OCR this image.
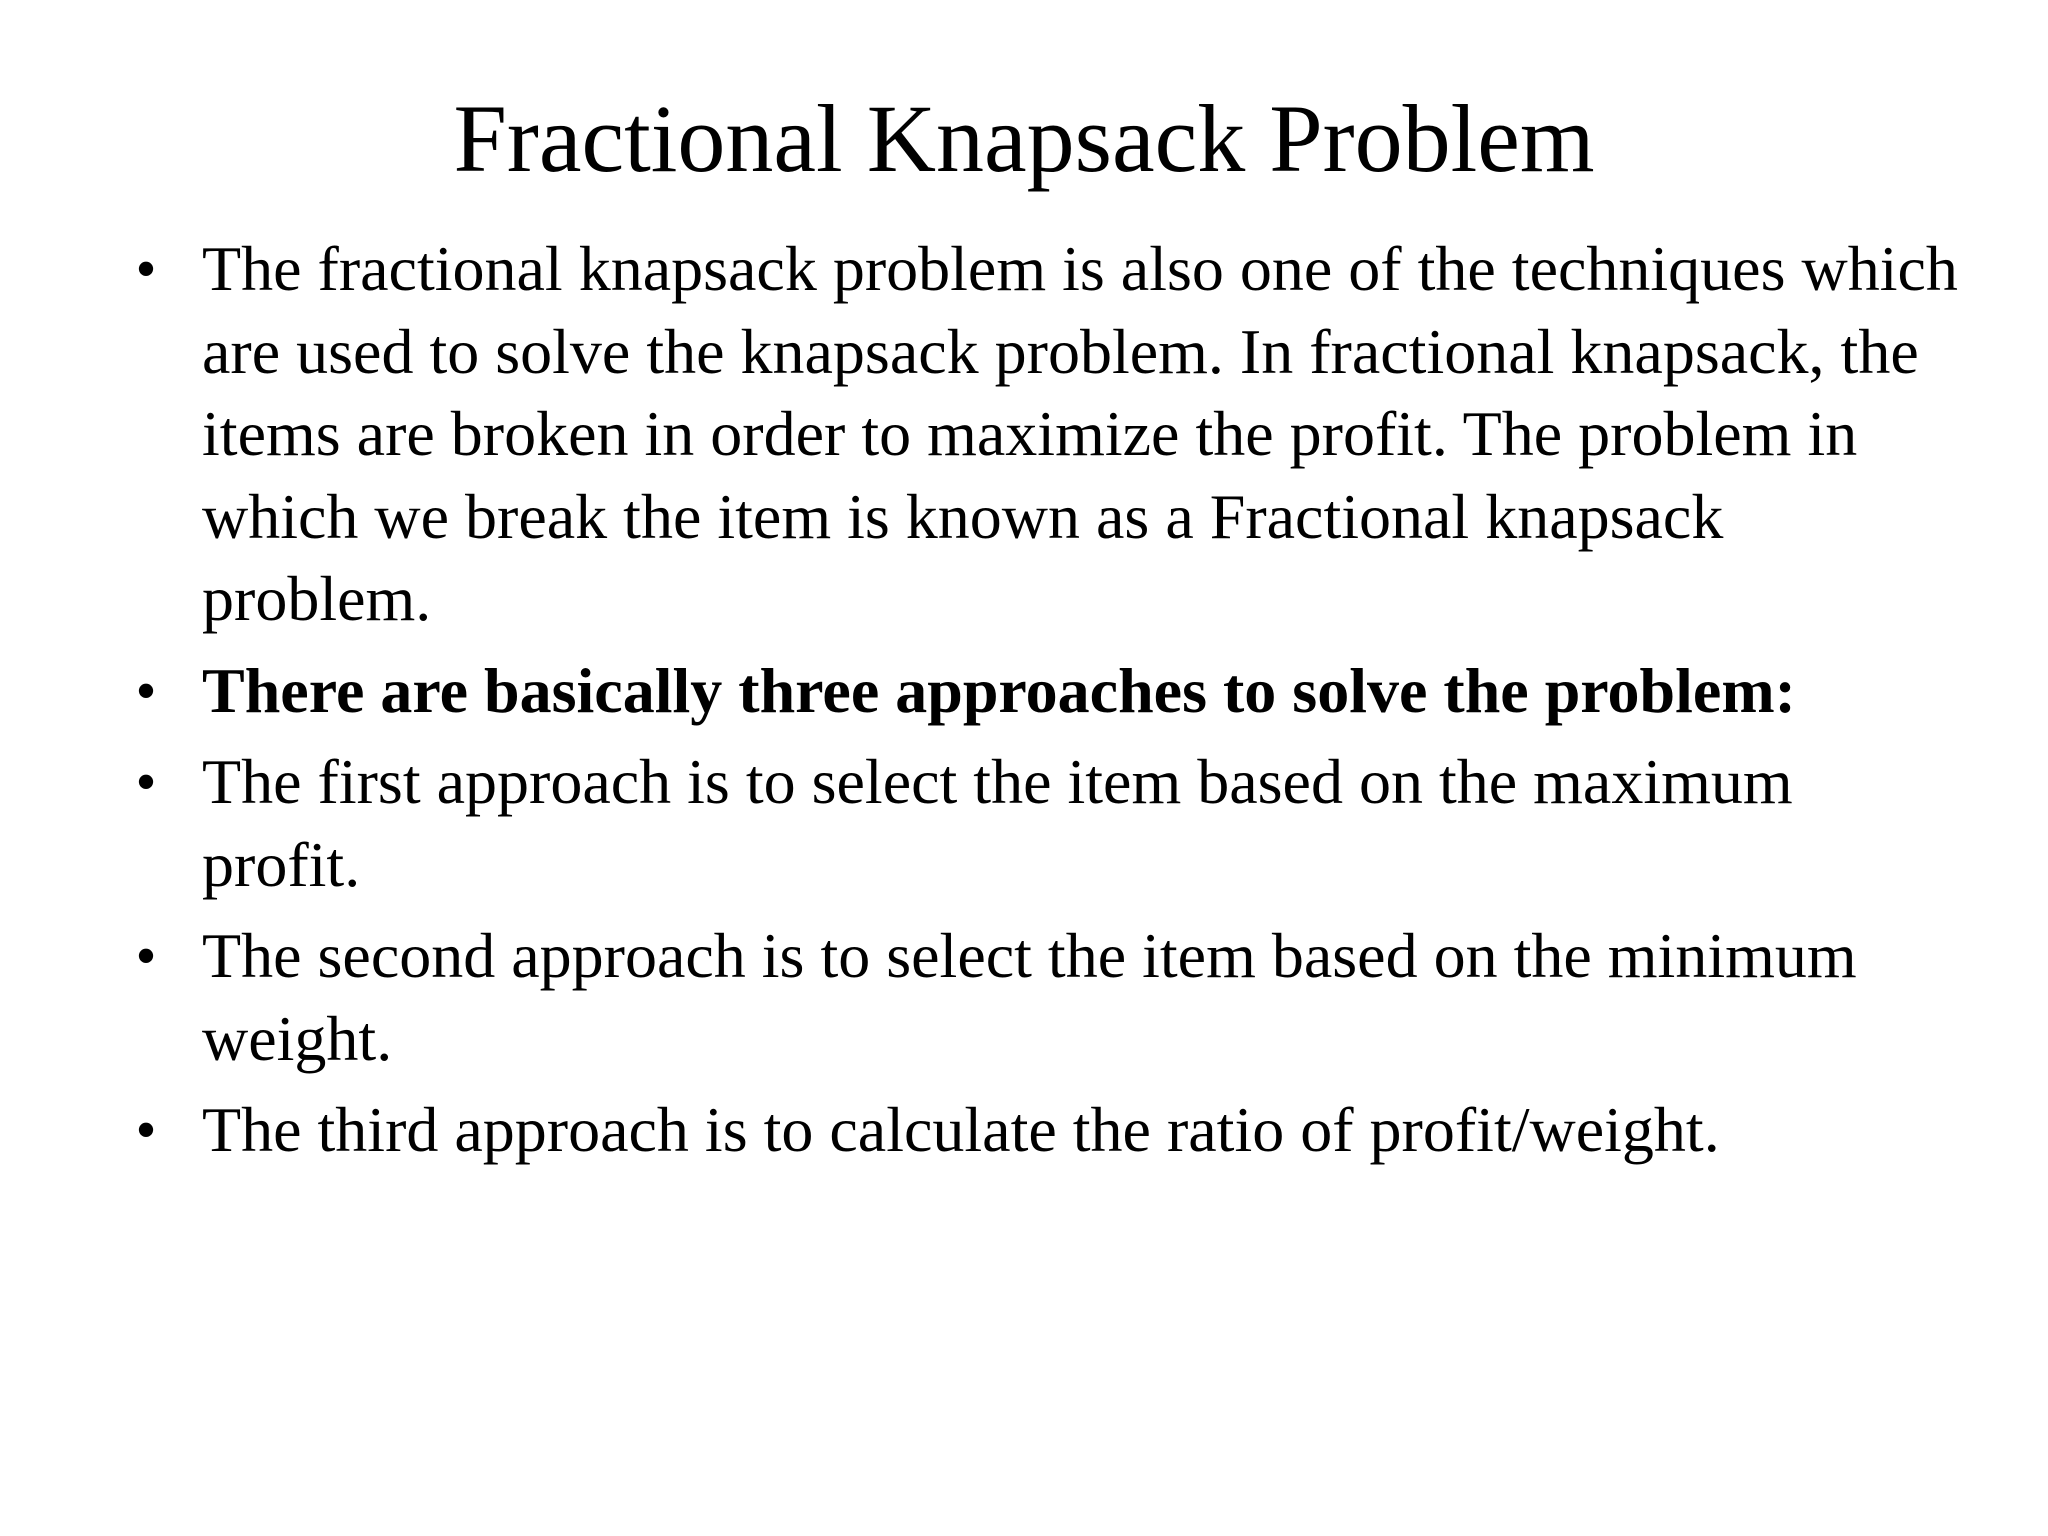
Fractional Knapsack Problem
• The fractional knapsack problem is also one of the techniques which are used to solve the knapsack problem. In fractional knapsack, the items are broken in order to maximize the profit. The problem in which we break the item is known as a Fractional knapsack problem.
• There are basically three approaches to solve the problem:
• The first approach is to select the item based on the maximum profit.
• The second approach is to select the item based on the minimum weight.
• The third approach is to calculate the ratio of profit/weight.
